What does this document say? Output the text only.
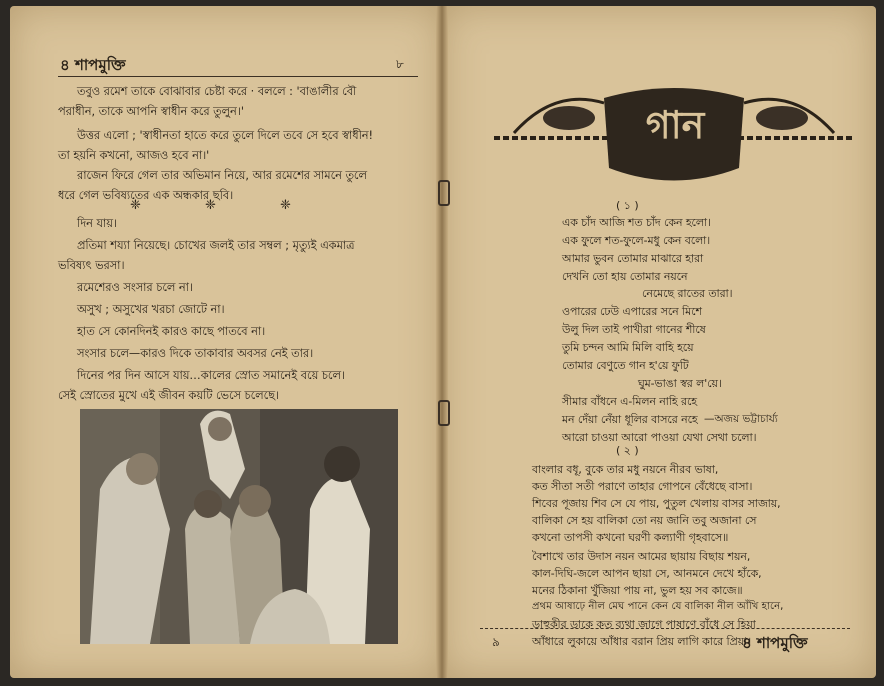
৪ শাপমুক্তি	৮
তবুও রমেশ তাকে বোঝাবার চেষ্টা করে · বললে : 'বাঙালীর বৌ
পরাধীন, তাকে আপনি স্বাধীন করে তুলুন।'
উত্তর এলো ; 'স্বাধীনতা হাতে করে তুলে দিলে তবে সে হবে স্বাধীন!
তা হয়নি কখনো, আজও হবে না।'
রাজেন ফিরে গেল তার অভিমান নিয়ে, আর রমেশের সামনে তুলে
ধরে গেল ভবিষ্যতের এক অন্ধকার ছবি।
❈ ❈ ❈
দিন যায়।
প্রতিমা শয্যা নিয়েছে। চোখের জলই তার সম্বল ; মৃত্যুই একমাত্র
ভবিষ্যৎ ভরসা।
রমেশেরও সংসার চলে না।
অসুখ ; অসুখের খরচা জোটে না।
হাত সে কোনদিনই কারও কাছে পাতবে না।
সংসার চলে—কারও দিকে তাকাবার অবসর নেই তার।
দিনের পর দিন আসে যায়…কালের স্রোত সমানেই বয়ে চলে।
সেই স্রোতের মুখে এই জীবন কয়টি ভেসে চলেছে।
গান
( ১ )
এক চাঁদ আজি শত চাঁদ কেন হলো।
এক ফুলে শত-ফুলে-মধু কেন বলো।
আমার ভুবন তোমার মাঝারে হারা
দেখনি তো হায় তোমার নয়নে
নেমেছে রাতের তারা।
ওপারের ঢেউ এপারের সনে মিশে
উলু দিল তাই পাখীরা গানের শীষে
তুমি চন্দন আমি মিলি বাহি হয়ে
তোমার বেণুতে গান হ'য়ে ফুটি
ঘুম-ভাঙা স্বর ল'য়ে।
সীমার বাঁধনে এ-মিলন নাহি রহে
মন দেঁয়া নেঁয়া ধূলির বাসরে নহে
আরো চাওয়া আরো পাওয়া যেথা সেথা চলো।
—অজয় ভট্টাচার্য্য
( ২ )
বাংলার বধূ, বুকে তার মধু নয়নে নীরব ভাষা,
কত সীতা সতী পরাণে তাহার গোপনে বেঁধেছে বাসা।
শিবের পূজায় শিব সে যে পায়, পুতুল খেলায় বাসর সাজায়,
বালিকা সে হয় বালিকা তো নয় জানি তবু অজানা সে
কখনো তাপসী কখনো ঘরণী কল্যাণী গৃহবাসে॥
বৈশাখে তার উদাস নয়ন আমের ছায়ায় বিছায় শয়ন,
কাল-দিঘি-জলে আপন ছায়া সে, আনমনে দেখে হাঁকে,
মনের ঠিকানা খুঁজিয়া পায় না, ভুল হয় সব কাজে॥
প্রথম আষাঢ়ে নীল মেঘ পানে কেন যে বালিকা নীল আঁখি হানে,
ডাহুকীর ডাকে কত ব্যথা জাগে পাষাণে বাঁধে সে হিয়া
আঁধারে লুকায়ে আঁধার বরান প্রিয় লাগি কারে প্রিয়া।
৯	৪ শাপমুক্তি
